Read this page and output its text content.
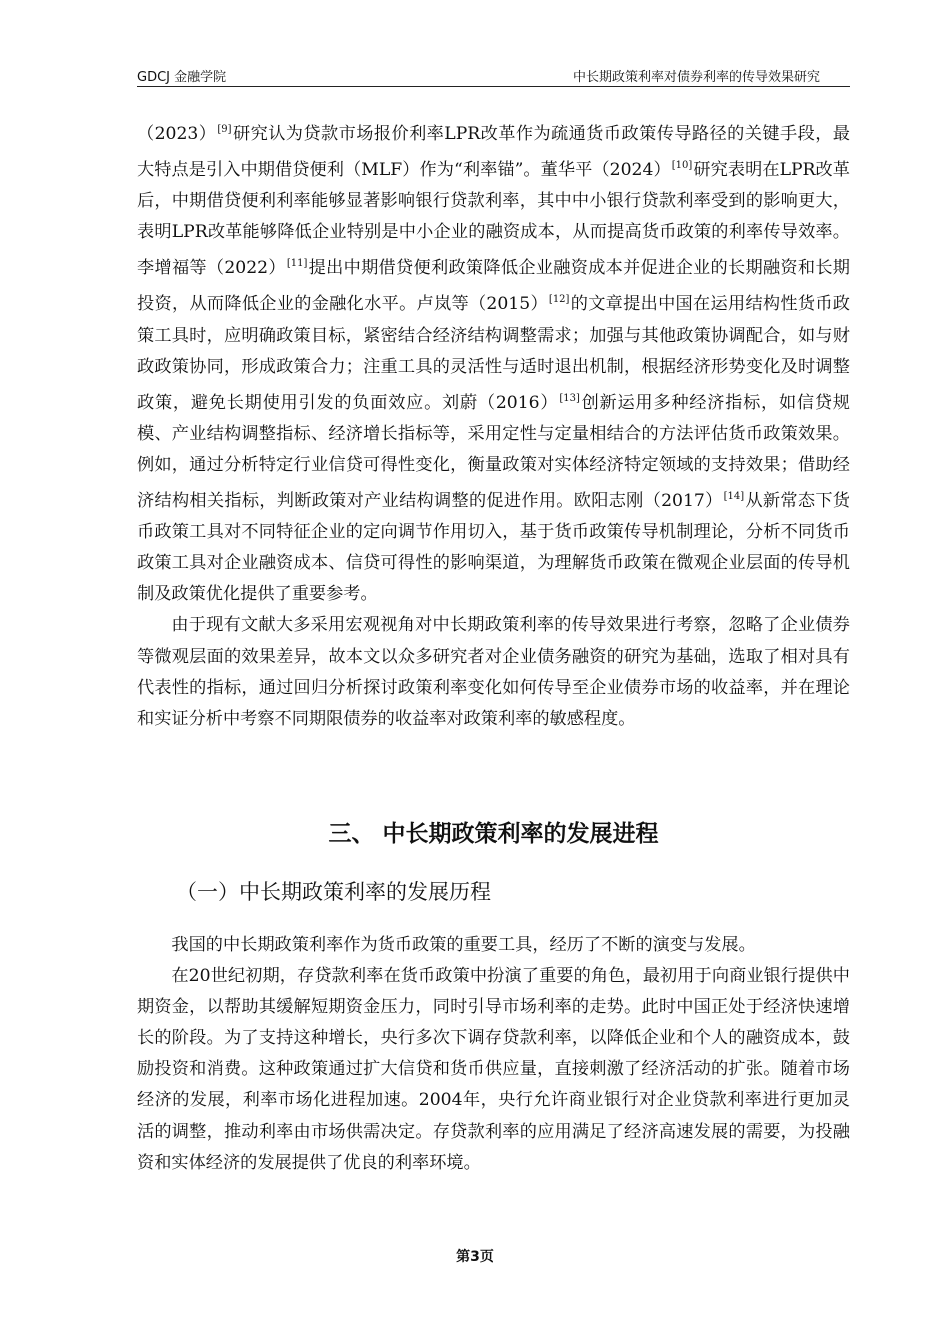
GDCJ 金融学院	中长期政策利率对债券利率的传导效果研究

（2023）[9]研究认为贷款市场报价利率LPR改革作为疏通货币政策传导路径的关键手段，最大特点是引入中期借贷便利（MLF）作为“利率锚”。董华平（2024）[10]研究表明在LPR改革后，中期借贷便利利率能够显著影响银行贷款利率，其中中小银行贷款利率受到的影响更大，表明LPR改革能够降低企业特别是中小企业的融资成本，从而提高货币政策的利率传导效率。李增福等（2022）[11]提出中期借贷便利政策降低企业融资成本并促进企业的长期融资和长期投资，从而降低企业的金融化水平。卢岚等（2015）[12]的文章提出中国在运用结构性货币政策工具时，应明确政策目标，紧密结合经济结构调整需求；加强与其他政策协调配合，如与财政政策协同，形成政策合力；注重工具的灵活性与适时退出机制，根据经济形势变化及时调整政策，避免长期使用引发的负面效应。刘蔚（2016）[13]创新运用多种经济指标，如信贷规模、产业结构调整指标、经济增长指标等，采用定性与定量相结合的方法评估货币政策效果。例如，通过分析特定行业信贷可得性变化，衡量政策对实体经济特定领域的支持效果；借助经济结构相关指标，判断政策对产业结构调整的促进作用。欧阳志刚（2017）[14]从新常态下货币政策工具对不同特征企业的定向调节作用切入，基于货币政策传导机制理论，分析不同货币政策工具对企业融资成本、信贷可得性的影响渠道，为理解货币政策在微观企业层面的传导机制及政策优化提供了重要参考。

由于现有文献大多采用宏观视角对中长期政策利率的传导效果进行考察，忽略了企业债券等微观层面的效果差异，故本文以众多研究者对企业债务融资的研究为基础，选取了相对具有代表性的指标，通过回归分析探讨政策利率变化如何传导至企业债券市场的收益率，并在理论和实证分析中考察不同期限债券的收益率对政策利率的敏感程度。

三、 中长期政策利率的发展进程
（一）中长期政策利率的发展历程

我国的中长期政策利率作为货币政策的重要工具，经历了不断的演变与发展。

在20世纪初期，存贷款利率在货币政策中扮演了重要的角色，最初用于向商业银行提供中期资金，以帮助其缓解短期资金压力，同时引导市场利率的走势。此时中国正处于经济快速增长的阶段。为了支持这种增长，央行多次下调存贷款利率，以降低企业和个人的融资成本，鼓励投资和消费。这种政策通过扩大信贷和货币供应量，直接刺激了经济活动的扩张。随着市场经济的发展，利率市场化进程加速。2004年，央行允许商业银行对企业贷款利率进行更加灵活的调整，推动利率由市场供需决定。存贷款利率的应用满足了经济高速发展的需要，为投融资和实体经济的发展提供了优良的利率环境。

第3页
